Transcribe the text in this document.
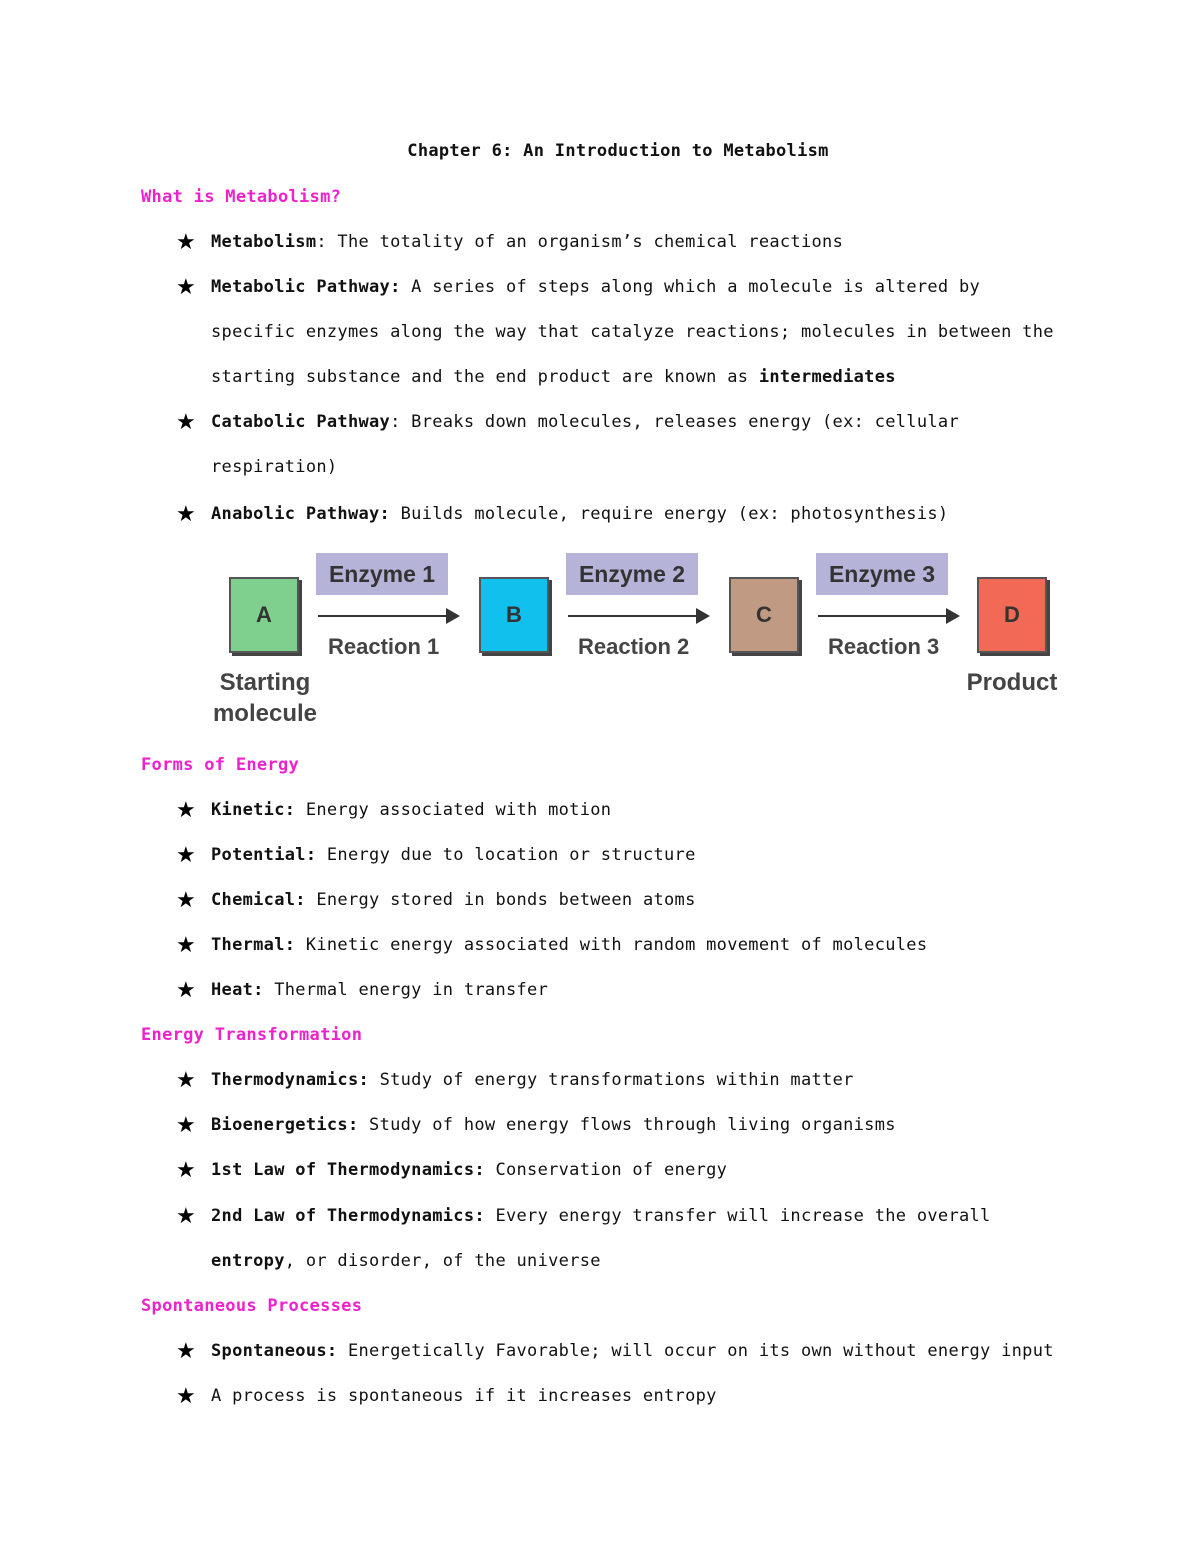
Chapter 6: An Introduction to Metabolism
What is Metabolism?
★ Metabolism: The totality of an organism’s chemical reactions
★ Metabolic Pathway: A series of steps along which a molecule is altered by
specific enzymes along the way that catalyze reactions; molecules in between the
starting substance and the end product are known as intermediates
★ Catabolic Pathway: Breaks down molecules, releases energy (ex: cellular
respiration)
★ Anabolic Pathway: Builds molecule, require energy (ex: photosynthesis)
A	B	C	D
Enzyme 1	Enzyme 2	Enzyme 3
Reaction 1	Reaction 2	Reaction 3
Starting
molecule
Product
Forms of Energy
★ Kinetic: Energy associated with motion
★ Potential: Energy due to location or structure
★ Chemical: Energy stored in bonds between atoms
★ Thermal: Kinetic energy associated with random movement of molecules
★ Heat: Thermal energy in transfer
Energy Transformation
★ Thermodynamics: Study of energy transformations within matter
★ Bioenergetics: Study of how energy flows through living organisms
★ 1st Law of Thermodynamics: Conservation of energy
★ 2nd Law of Thermodynamics: Every energy transfer will increase the overall
entropy, or disorder, of the universe
Spontaneous Processes
★ Spontaneous: Energetically Favorable; will occur on its own without energy input
★ A process is spontaneous if it increases entropy
